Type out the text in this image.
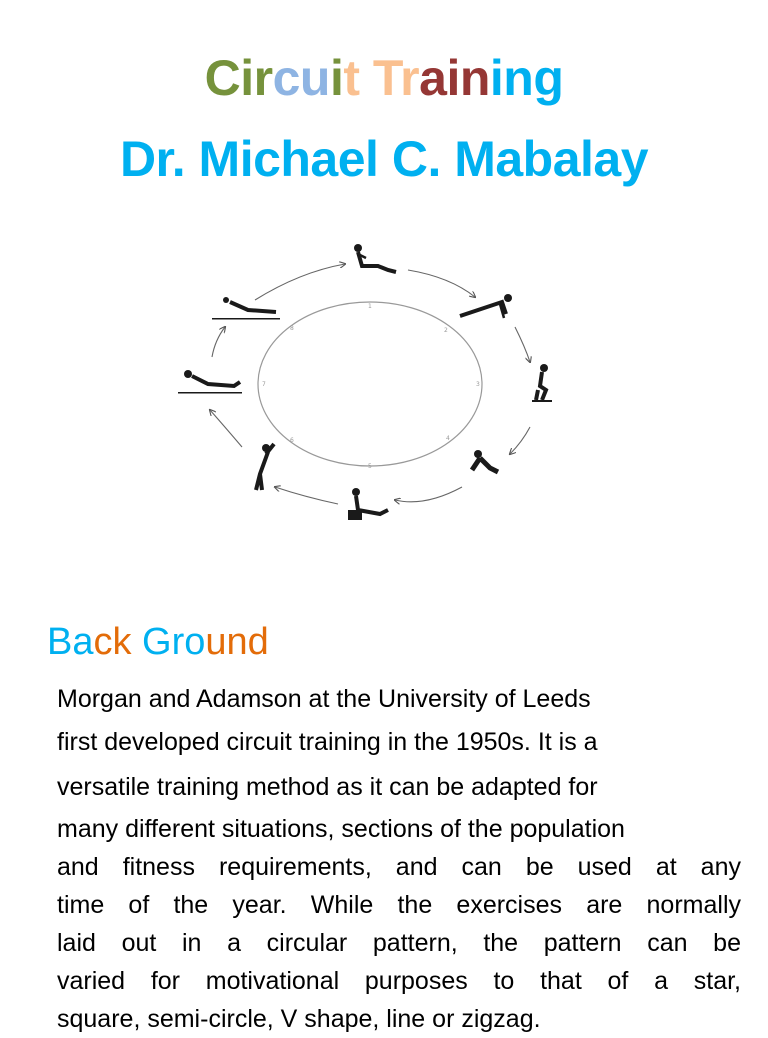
Circuit Training
Dr. Michael C. Mabalay
1
2
3
4
5
6
7
8
Back Ground
Morgan and Adamson at the University of Leeds
first developed circuit training in the 1950s. It is a
versatile training method as it can be adapted for
many different situations, sections of the population
and fitness requirements, and can be used at any
time of the year. While the exercises are normally
laid out in a circular pattern, the pattern can be
varied for motivational purposes to that of a star,
square, semi-circle, V shape, line or zigzag.
